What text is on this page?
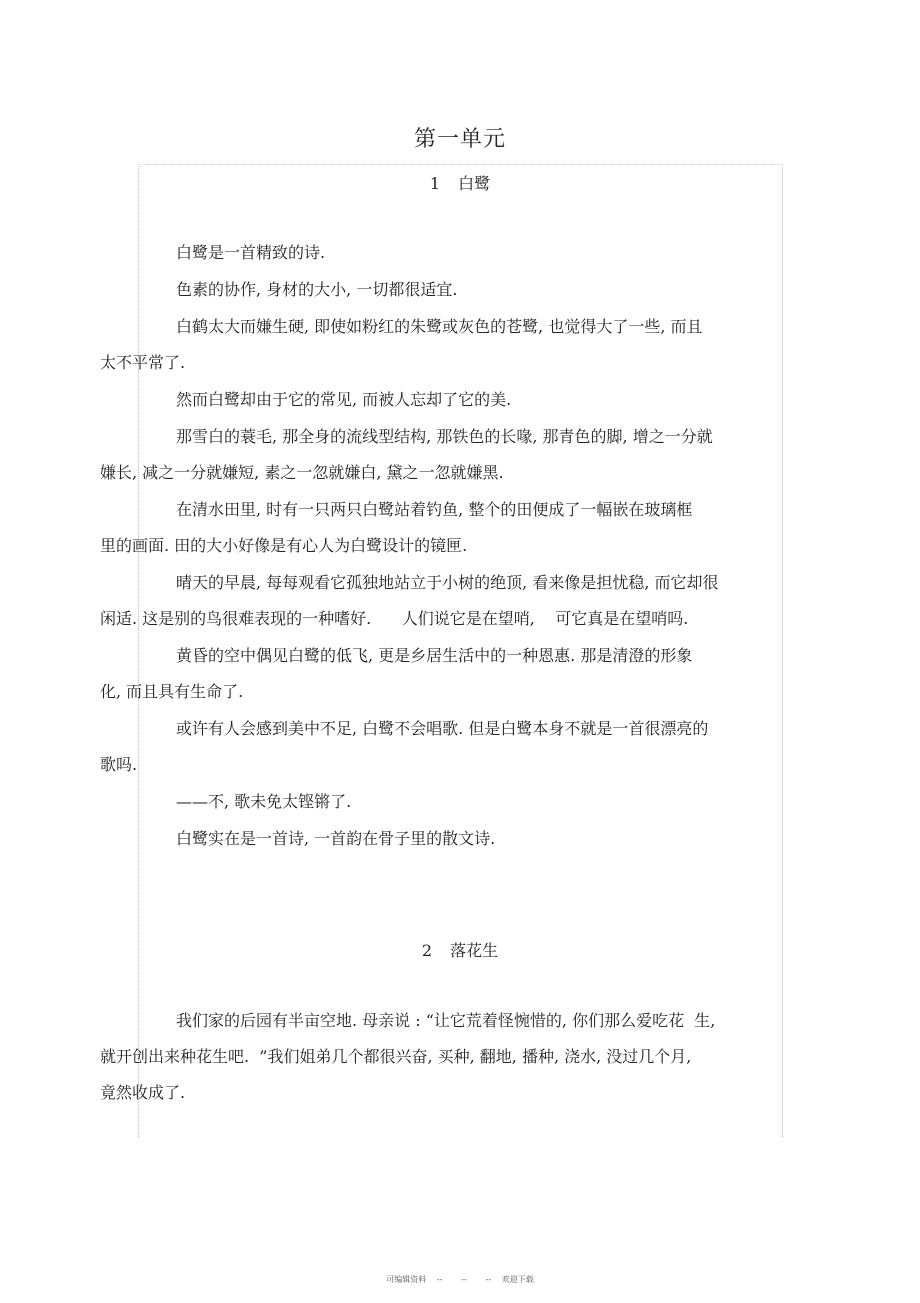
第一单元
1 白鹭
白鹭是一首精致的诗.
色素的协作, 身材的大小, 一切都很适宜.
白鹤太大而嫌生硬, 即使如粉红的朱鹭或灰色的苍鹭, 也觉得大了一些, 而且
太不平常了.
然而白鹭却由于它的常见, 而被人忘却了它的美.
那雪白的蓑毛, 那全身的流线型结构, 那铁色的长喙, 那青色的脚, 增之一分就
嫌长, 减之一分就嫌短, 素之一忽就嫌白, 黛之一忽就嫌黑.
在清水田里, 时有一只两只白鹭站着钓鱼, 整个的田便成了一幅嵌在玻璃框
里的画面. 田的大小好像是有心人为白鹭设计的镜匣.
晴天的早晨, 每每观看它孤独地站立于小树的绝顶, 看来像是担忧稳, 而它却很
闲适. 这是别的鸟很难表现的一种嗜好.      人们说它是在望哨,    可它真是在望哨吗.
黄昏的空中偶见白鹭的低飞, 更是乡居生活中的一种恩惠. 那是清澄的形象
化, 而且具有生命了.
或许有人会感到美中不足, 白鹭不会唱歌. 但是白鹭本身不就是一首很漂亮的
歌吗.
——不, 歌未免太铿锵了.
白鹭实在是一首诗, 一首韵在骨子里的散文诗.
2 落花生
我们家的后园有半亩空地. 母亲说 : “让它荒着怪惋惜的, 你们那么爱吃花  生,
就开创出来种花生吧.  ”我们姐弟几个都很兴奋, 买种, 翻地, 播种, 浇水, 没过几个月,
竟然收成了.
可编辑资料 -- -- -- 欢迎下载
